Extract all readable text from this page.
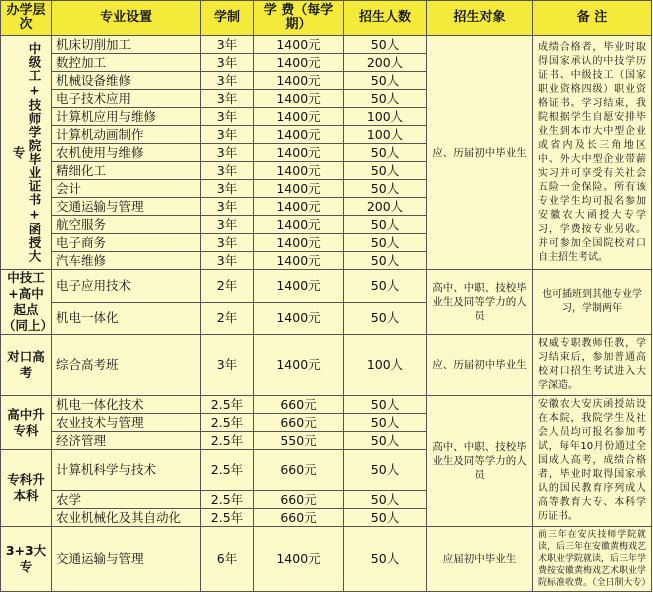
办学层次	专业设置	学制	学 费（每学期）	招生人数	招生对象	备 注

中级工+技师学院毕业证书+函授大专	机床切削加工	3年	1400元	50人	应、历届初中毕业生	成绩合格者，毕业时取得国家承认的中技学历证书、中级技工（国家职业资格四级）职业资格证书。学习结束，我院根据学生自愿安排毕业生到本市大中型企业或省内及长三角地区中、外大中型企业带薪实习并可享受有关社会五险一金保险。所有该专业学生均可报名参加安徽农大函授大专学习，学费按专业另收。并可参加全国院校对口自主招生考试。
	数控加工	3年	1400元	200人		
	机械设备维修	3年	1400元	50人		
	电子技术应用	3年	1400元	50人		
	计算机应用与维修	3年	1400元	100人		
	计算机动画制作	3年	1400元	100人		
	农机使用与维修	3年	1400元	50人		
	精细化工	3年	1400元	50人		
	会计	3年	1400元	50人		
	交通运输与管理	3年	1400元	200人		
	航空服务	3年	1400元	50人		
	电子商务	3年	1400元	50人		
	汽车维修	3年	1400元	50人		
中技工+高中起点（同上）	电子应用技术	2年	1400元	50人	高中、中职、技校毕业生及同等学力的人员	也可插班到其他专业学习，学制两年
	机电一体化	2年	1400元	50人		
对口高考	综合高考班	3年	1400元	100人	应、历届初中毕业生	权威专职教师任教，学习结束后，参加普通高校对口招生考试进入大学深造。
高中升专科	机电一体化技术	2.5年	660元	50人	高中、中职、技校毕业生及同等学力的人员	安徽农大安庆函授站设在本院，我院学生及社会人员均可报名参加考试，每年10月份通过全国成人高考，成绩合格者，毕业时取得国家承认的国民教育序列成人高等教育大专、本科学历证书。
	农业技术与管理	2.5年	660元	50人		
	经济管理	2.5年	550元	50人		
专科升本科	计算机科学与技术	2.5年	660元	50人		
	农学	2.5年	660元	50人		
	农业机械化及其自动化	2.5年	660元	50人		
3+3大专	交通运输与管理	6年	1400元	50人	应届初中毕业生	前三年在安庆技师学院就读，后三年在安徽黄梅戏艺术职业学院就读，后三年学费按安徽黄梅戏艺术职业学院标准收费。（全日制大专）
